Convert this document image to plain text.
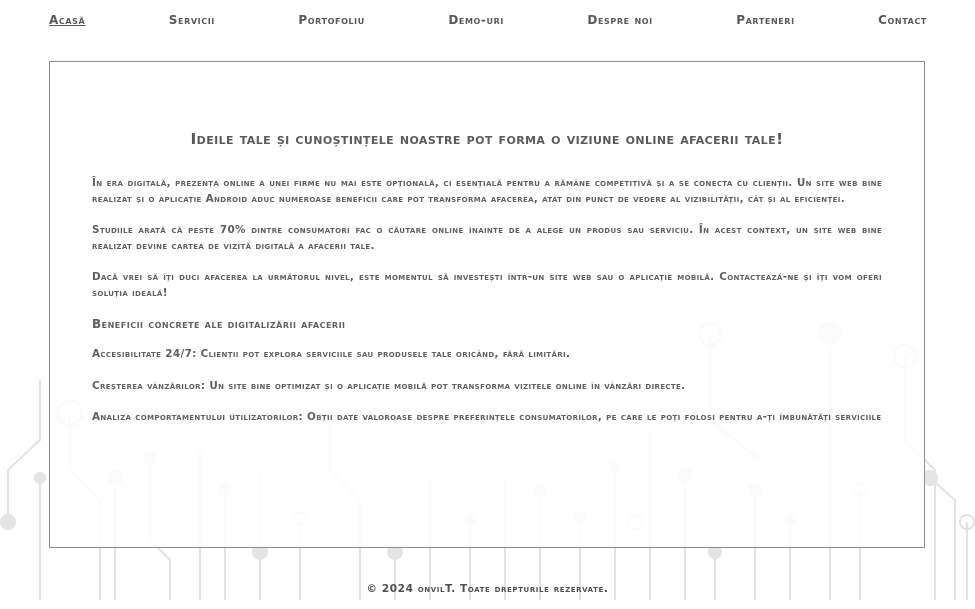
Acasă	Servicii	Portofoliu	Demo-uri	Despre noi	Parteneri	Contact
Ideile tale și cunoștințele noastre pot forma o viziune online afacerii tale!

În era digitală, prezența online a unei firme nu mai este opțională, ci esențială pentru a rămâne competitivă și a se conecta cu clienții. Un site web bine realizat și o aplicație Android aduc numeroase beneficii care pot transforma afacerea, atât din punct de vedere al vizibilității, cât și al eficienței.

Studiile arată că peste 70% dintre consumatori fac o căutare online înainte de a alege un produs sau serviciu. În acest context, un site web bine realizat devine cartea de vizită digitală a afacerii tale.

Dacă vrei să îți duci afacerea la următorul nivel, este momentul să investești într-un site web sau o aplicație mobilă. Contactează-ne și îți vom oferi soluția ideală!

Beneficii concrete ale digitalizării afacerii

Accesibilitate 24/7: Clienții pot explora serviciile sau produsele tale oricând, fără limitări.

Creșterea vânzărilor: Un site bine optimizat și o aplicație mobilă pot transforma vizitele online în vânzări directe.

Analiza comportamentului utilizatorilor: Obții date valoroase despre preferințele consumatorilor, pe care le poți folosi pentru a-ți îmbunătăți serviciile

© 2024 onvilT. Toate drepturile rezervate.
